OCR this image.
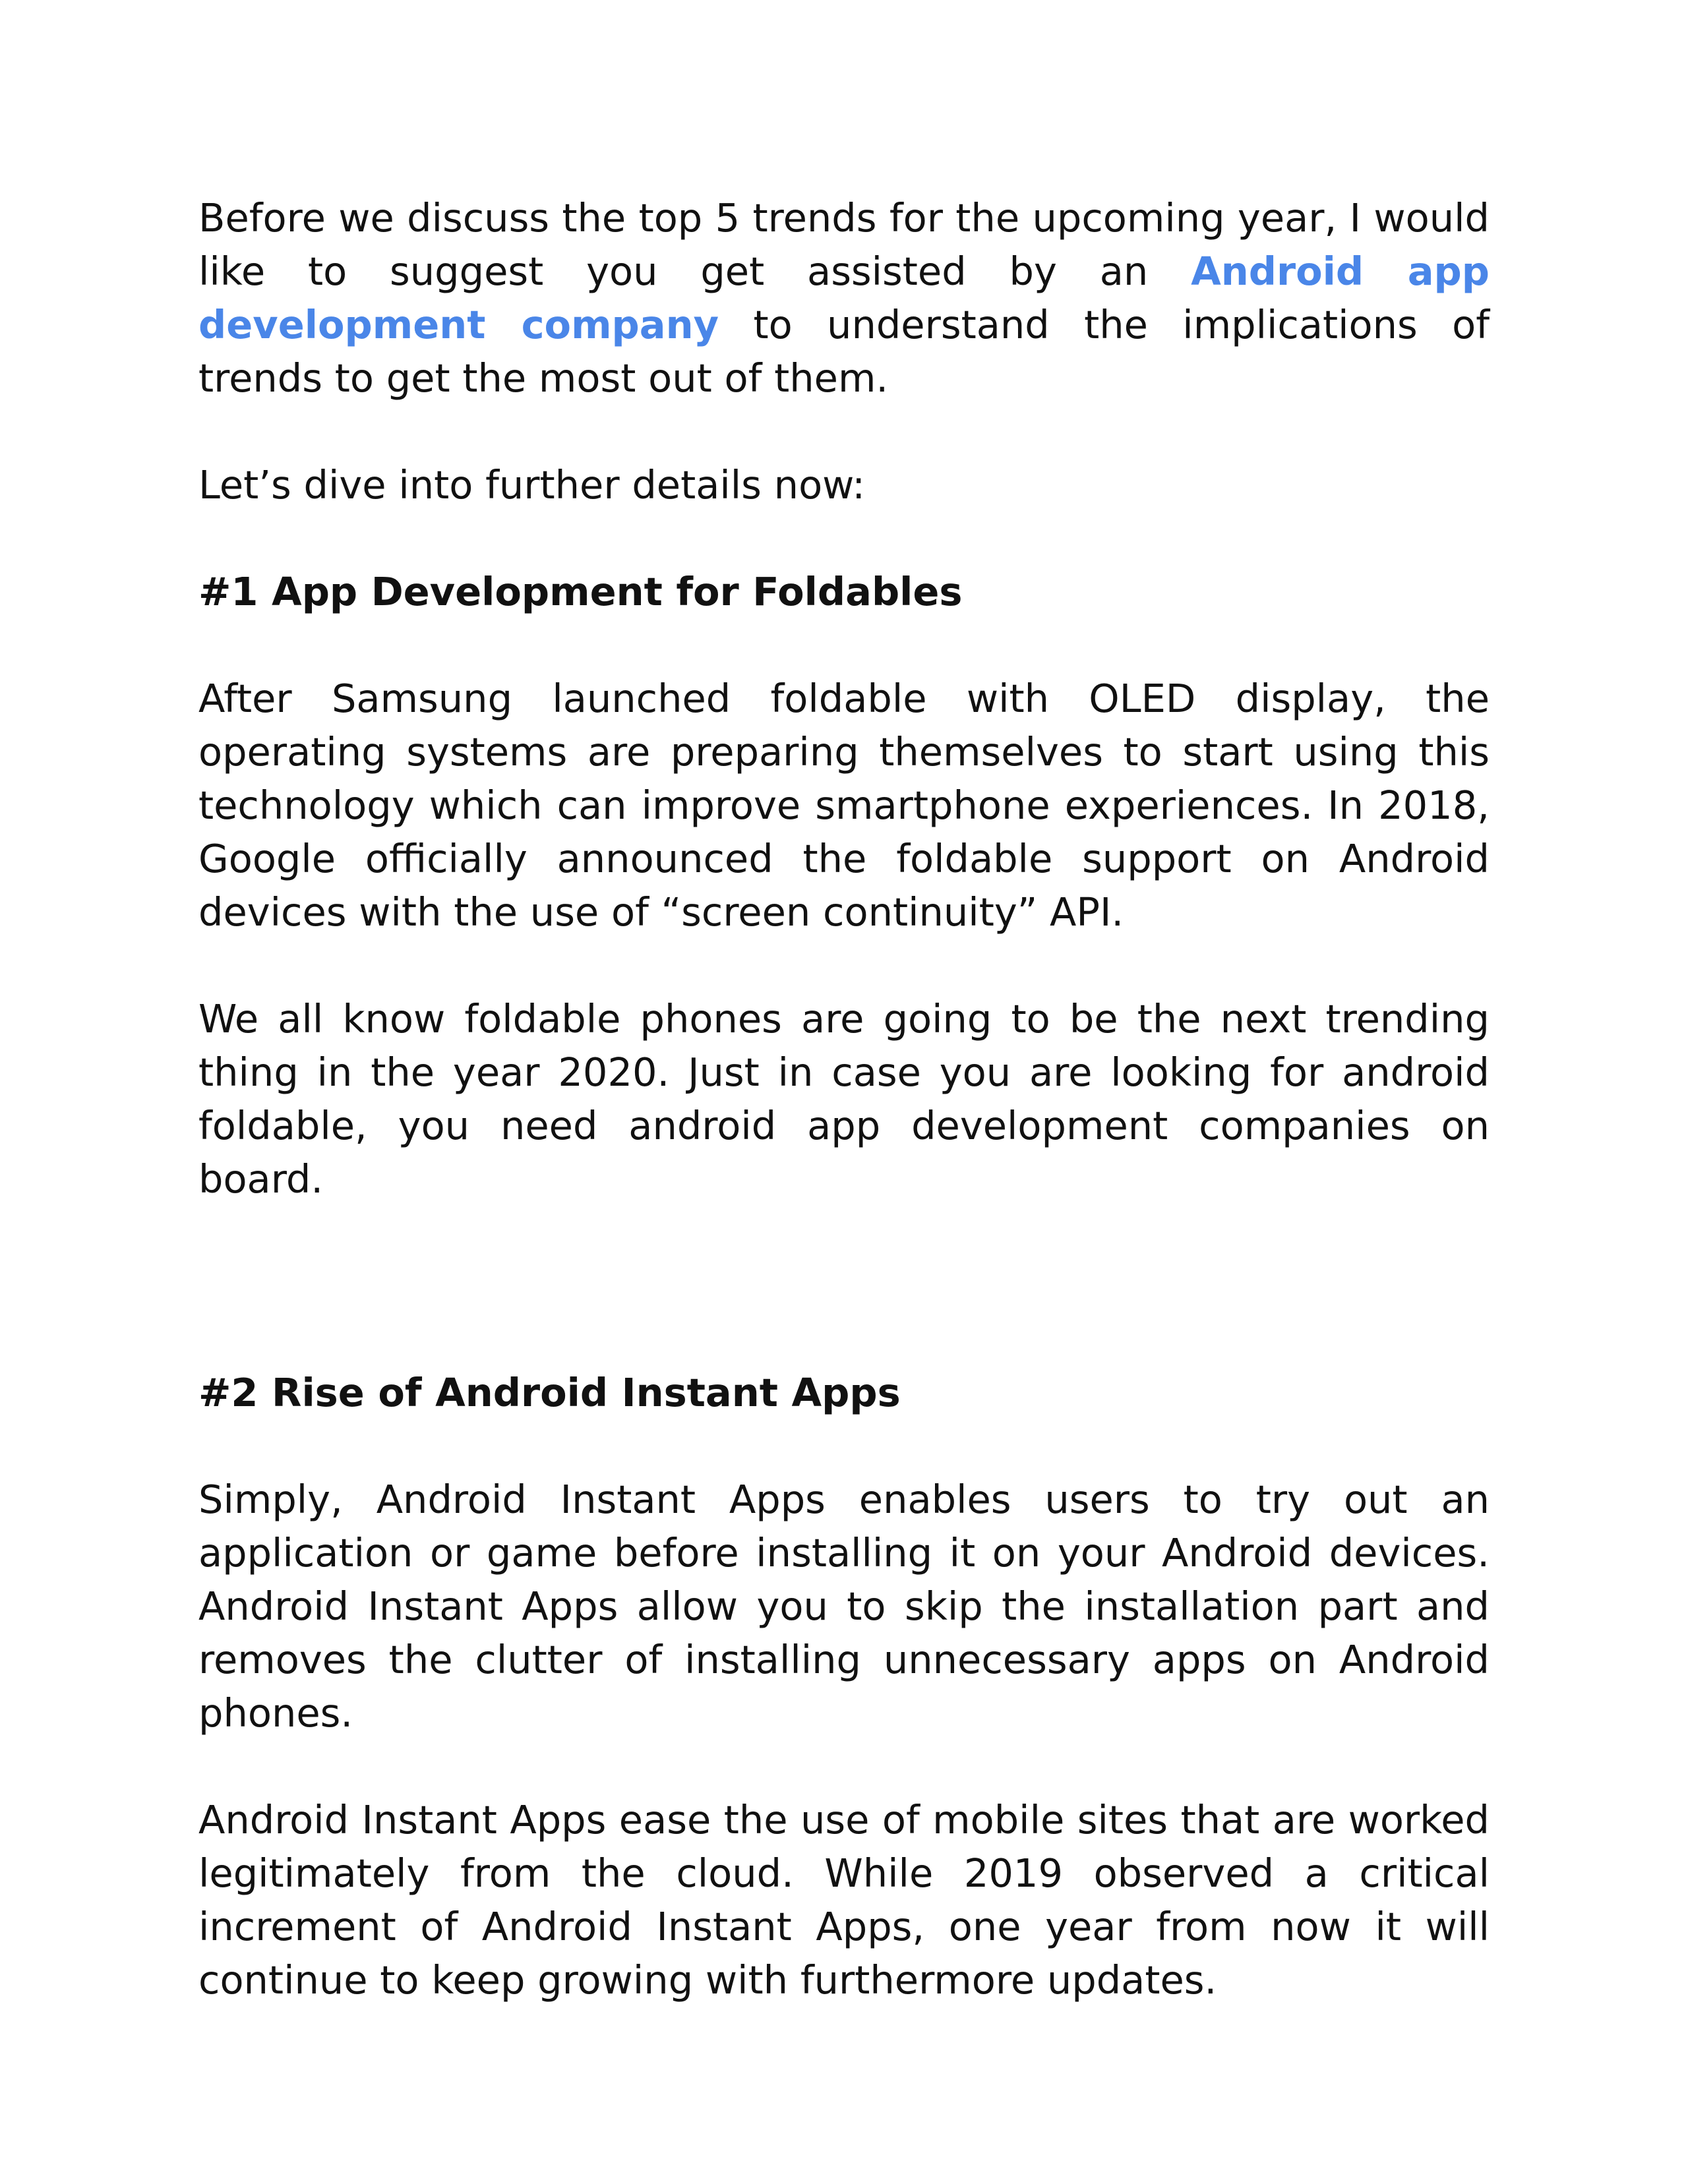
Before we discuss the top 5 trends for the upcoming year, I would like to suggest you get assisted by an Android app development company to understand the implications of trends to get the most out of them.

Let’s dive into further details now:

#1 App Development for Foldables

After Samsung launched foldable with OLED display, the operating systems are preparing themselves to start using this technology which can improve smartphone experiences. In 2018, Google officially announced the foldable support on Android devices with the use of “screen continuity” API.

We all know foldable phones are going to be the next trending thing in the year 2020. Just in case you are looking for android foldable, you need android app development companies on board.

#2 Rise of Android Instant Apps

Simply, Android Instant Apps enables users to try out an application or game before installing it on your Android devices. Android Instant Apps allow you to skip the installation part and removes the clutter of installing unnecessary apps on Android phones.

Android Instant Apps ease the use of mobile sites that are worked legitimately from the cloud. While 2019 observed a critical increment of Android Instant Apps, one year from now it will continue to keep growing with furthermore updates.
